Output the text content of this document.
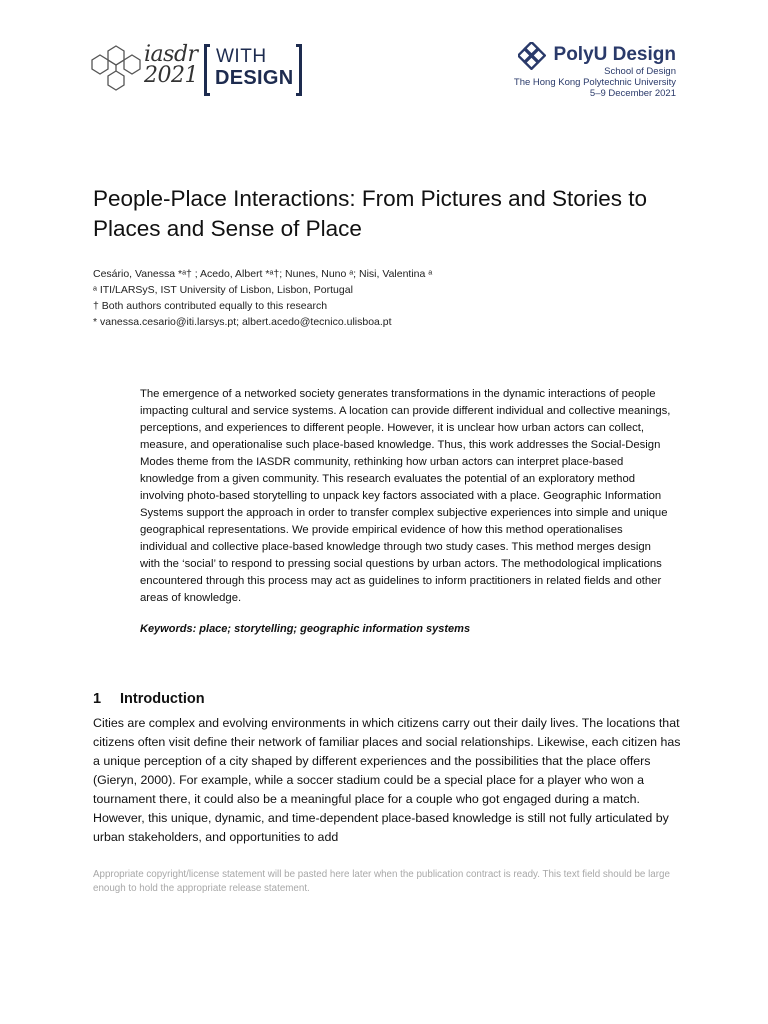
iasdr
2021
WITH
DESIGN
PolyU Design
School of Design
The Hong Kong Polytechnic University
5–9 December 2021
People-Place Interactions: From Pictures and Stories to Places and Sense of Place
Cesário, Vanessa *ᵃ† ; Acedo, Albert *ᵃ†; Nunes, Nuno ᵃ; Nisi, Valentina ᵃ
ᵃ ITI/LARSyS, IST University of Lisbon, Lisbon, Portugal
† Both authors contributed equally to this research
* vanessa.cesario@iti.larsys.pt; albert.acedo@tecnico.ulisboa.pt

The emergence of a networked society generates transformations in the dynamic interactions of people impacting cultural and service systems. A location can provide different individual and collective meanings, perceptions, and experiences to different people. However, it is unclear how urban actors can collect, measure, and operationalise such place-based knowledge. Thus, this work addresses the Social-Design Modes theme from the IASDR community, rethinking how urban actors can interpret place-based knowledge from a given community. This research evaluates the potential of an exploratory method involving photo-based storytelling to unpack key factors associated with a place. Geographic Information Systems support the approach in order to transfer complex subjective experiences into simple and unique geographical representations. We provide empirical evidence of how this method operationalises individual and collective place-based knowledge through two study cases. This method merges design with the ‘social’ to respond to pressing social questions by urban actors. The methodological implications encountered through this process may act as guidelines to inform practitioners in related fields and other areas of knowledge.

Keywords: place; storytelling; geographic information systems
1 Introduction

Cities are complex and evolving environments in which citizens carry out their daily lives. The locations that citizens often visit define their network of familiar places and social relationships. Likewise, each citizen has a unique perception of a city shaped by different experiences and the possibilities that the place offers (Gieryn, 2000). For example, while a soccer stadium could be a special place for a player who won a tournament there, it could also be a meaningful place for a couple who got engaged during a match. However, this unique, dynamic, and time-dependent place-based knowledge is still not fully articulated by urban stakeholders, and opportunities to add

Appropriate copyright/license statement will be pasted here later when the publication contract is ready. This text field should be large enough to hold the appropriate release statement.
